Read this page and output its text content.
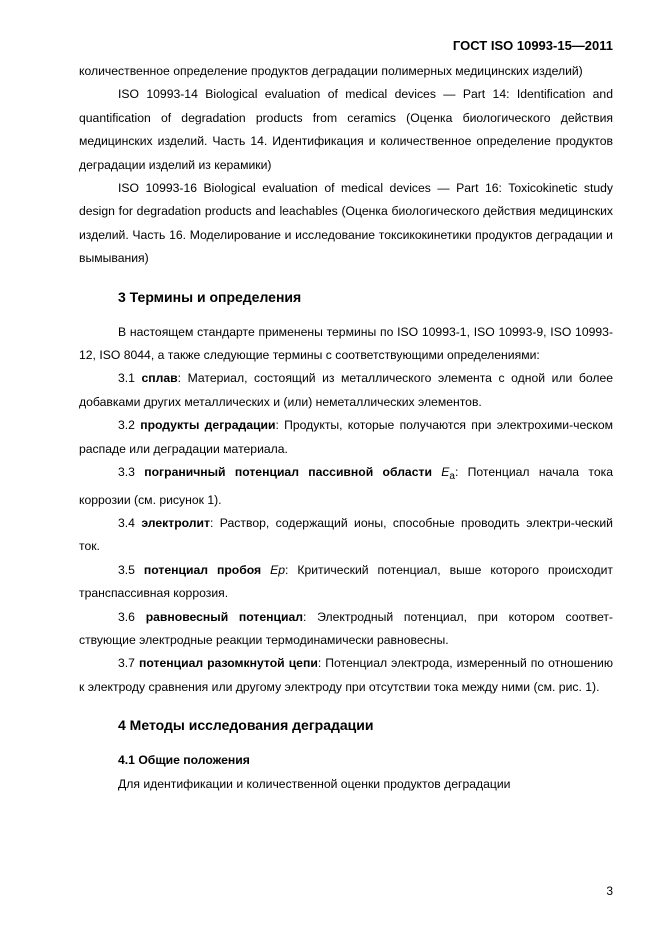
ГОСТ ISO 10993-15—2011

количественное определение продуктов деградации полимерных медицинских изделий)

ISO 10993-14 Biological evaluation of medical devices — Part 14: Identification and quantification of degradation products from ceramics (Оценка биологического действия медицинских изделий. Часть 14. Идентификация и количественное определение продуктов деградации изделий из керамики)

ISO 10993-16 Biological evaluation of medical devices — Part 16: Toxicokinetic study design for degradation products and leachables (Оценка биологического действия медицинских изделий. Часть 16. Моделирование и исследование токсикокинетики продуктов деградации и вымывания)

3 Термины и определения

В настоящем стандарте применены термины по ISO 10993-1, ISO 10993-9, ISO 10993-12, ISO 8044, а также следующие термины с соответствующими определениями:

3.1 сплав: Материал, состоящий из металлического элемента с одной или более добавками других металлических и (или) неметаллических элементов.

3.2 продукты деградации: Продукты, которые получаются при электрохими-ческом распаде или деградации материала.

3.3 пограничный потенциал пассивной области $E_a$: Потенциал начала тока коррозии (см. рисунок 1).

3.4 электролит: Раствор, содержащий ионы, способные проводить электри-ческий ток.

3.5 потенциал пробоя Ер: Критический потенциал, выше которого происходит транспассивная коррозия.

3.6 равновесный потенциал: Электродный потенциал, при котором соответ-ствующие электродные реакции термодинамически равновесны.

3.7 потенциал разомкнутой цепи: Потенциал электрода, измеренный по отношению к электроду сравнения или другому электроду при отсутствии тока между ними (см. рис. 1).

4 Методы исследования деградации
4.1 Общие положения

Для идентификации и количественной оценки продуктов деградации

3
